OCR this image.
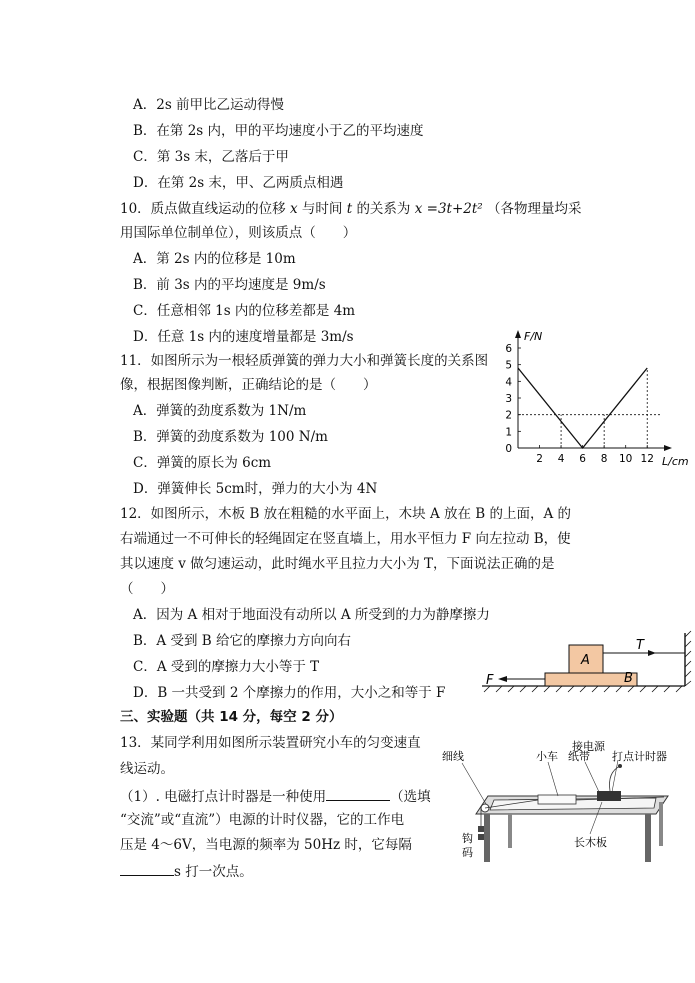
A．2s 前甲比乙运动得慢
B．在第 2s 内，甲的平均速度小于乙的平均速度
C．第 3s 末，乙落后于甲
D．在第 2s 末，甲、乙两质点相遇
10．质点做直线运动的位移 x 与时间 t 的关系为 x =3t+2t² （各物理量均采
用国际单位制单位），则该质点（　　）
A．第 2s 内的位移是 10m
B．前 3s 内的平均速度是 9m/s
C．任意相邻 1s 内的位移差都是 4m
D．任意 1s 内的速度增量都是 3m/s
11．如图所示为一根轻质弹簧的弹力大小和弹簧长度的关系图
像，根据图像判断，正确结论的是（　　）
A．弹簧的劲度系数为 1N/m
B．弹簧的劲度系数为 100 N/m
C．弹簧的原长为 6cm
D．弹簧伸长 5cm时，弹力的大小为 4N
F/N
L/cm
0
1
2
3
4
5
6
2 4 6 8 10 12
12．如图所示，木板 B 放在粗糙的水平面上，木块 A 放在 B 的上面，A 的
右端通过一不可伸长的轻绳固定在竖直墙上，用水平恒力 F 向左拉动 B，使
其以速度 v 做匀速运动，此时绳水平且拉力大小为 T，下面说法正确的是
（　　）
A．因为 A 相对于地面没有动所以 A 所受到的力为静摩擦力
B．A 受到 B 给它的摩擦力方向向右
C．A 受到的摩擦力大小等于 T
D．B 一共受到 2 个摩擦力的作用，大小之和等于 F
B
A
T
F
三、实验题（共 14 分，每空 2 分）
13．某同学利用如图所示装置研究小车的匀变速直
线运动。
（1）. 电磁打点计时器是一种使用	（选填
“交流”或“直流”）电源的计时仪器，它的工作电
压是 4～6V，当电源的频率为 50Hz 时，它每隔
s 打一次点。
接电源
细线	小车 纸带 打点计时器
钩
码
长木板
